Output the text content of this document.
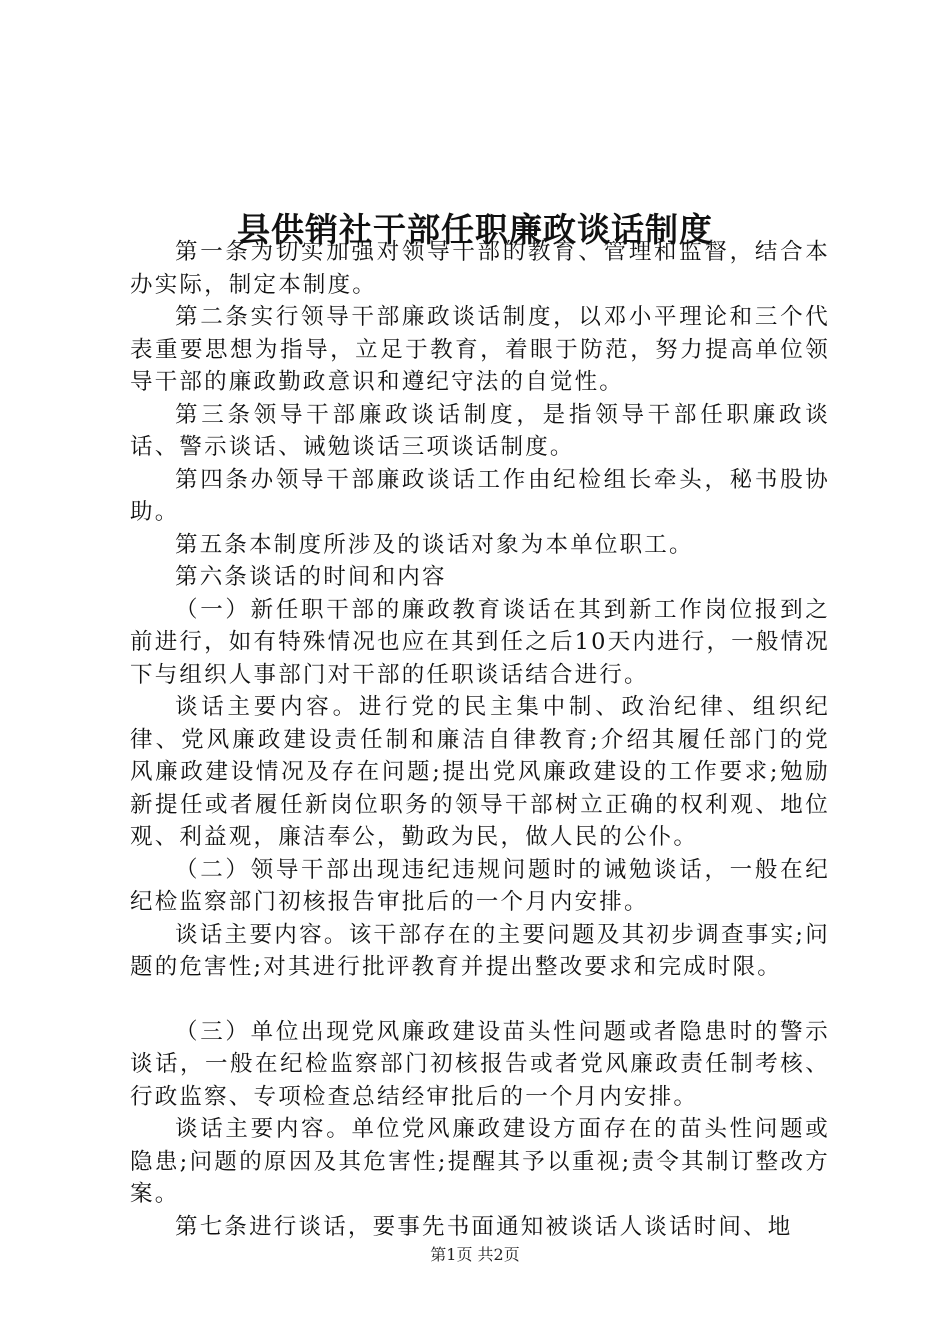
县供销社干部任职廉政谈话制度

第一条为切实加强对领导干部的教育、管理和监督，结合本办实际，制定本制度。

第二条实行领导干部廉政谈话制度，以邓小平理论和三个代表重要思想为指导，立足于教育，着眼于防范，努力提高单位领导干部的廉政勤政意识和遵纪守法的自觉性。

第三条领导干部廉政谈话制度，是指领导干部任职廉政谈话、警示谈话、诫勉谈话三项谈话制度。

第四条办领导干部廉政谈话工作由纪检组长牵头，秘书股协助。

第五条本制度所涉及的谈话对象为本单位职工。

第六条谈话的时间和内容

（一）新任职干部的廉政教育谈话在其到新工作岗位报到之前进行，如有特殊情况也应在其到任之后10天内进行，一般情况下与组织人事部门对干部的任职谈话结合进行。

谈话主要内容。进行党的民主集中制、政治纪律、组织纪律、党风廉政建设责任制和廉洁自律教育;介绍其履任部门的党风廉政建设情况及存在问题;提出党风廉政建设的工作要求;勉励新提任或者履任新岗位职务的领导干部树立正确的权利观、地位观、利益观，廉洁奉公，勤政为民，做人民的公仆。

（二）领导干部出现违纪违规问题时的诫勉谈话，一般在纪纪检监察部门初核报告审批后的一个月内安排。

谈话主要内容。该干部存在的主要问题及其初步调查事实;问题的危害性;对其进行批评教育并提出整改要求和完成时限。

（三）单位出现党风廉政建设苗头性问题或者隐患时的警示谈话，一般在纪检监察部门初核报告或者党风廉政责任制考核、行政监察、专项检查总结经审批后的一个月内安排。

谈话主要内容。单位党风廉政建设方面存在的苗头性问题或隐患;问题的原因及其危害性;提醒其予以重视;责令其制订整改方案。

第七条进行谈话，要事先书面通知被谈话人谈话时间、地

第1页 共2页
